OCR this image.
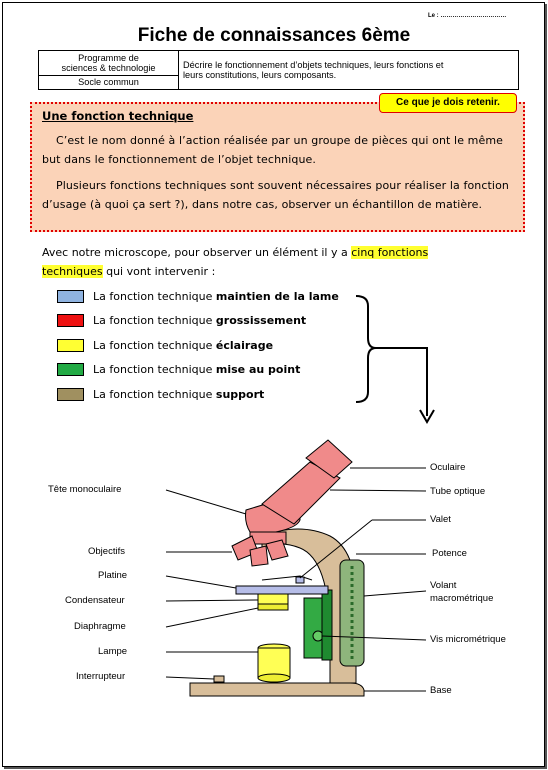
Le : ……………………………
Fiche de connaissances 6ème
Programme de
sciences & technologie	Décrire le fonctionnement d’objets techniques, leurs fonctions et
leurs constitutions, leurs composants.

Socle commun
Ce que je dois retenir.
Une fonction technique

C’est le nom donné à l’action réalisée par un groupe de pièces qui ont le même but dans le fonctionnement de l’objet technique.

Plusieurs fonctions techniques sont souvent nécessaires pour réaliser la fonction d’usage (à quoi ça sert ?), dans notre cas, observer un échantillon de matière.

Avec notre microscope, pour observer un élément il y a cinq fonctions techniques qui vont intervenir :

La fonction technique maintien de la lame
La fonction technique grossissement
La fonction technique éclairage
La fonction technique mise au point
La fonction technique support
Tête monoculaire
Objectifs
Platine
Condensateur
Diaphragme
Lampe
Interrupteur
Oculaire
Tube optique
Valet
Potence
Volant
macrométrique
Vis micrométrique
Base
